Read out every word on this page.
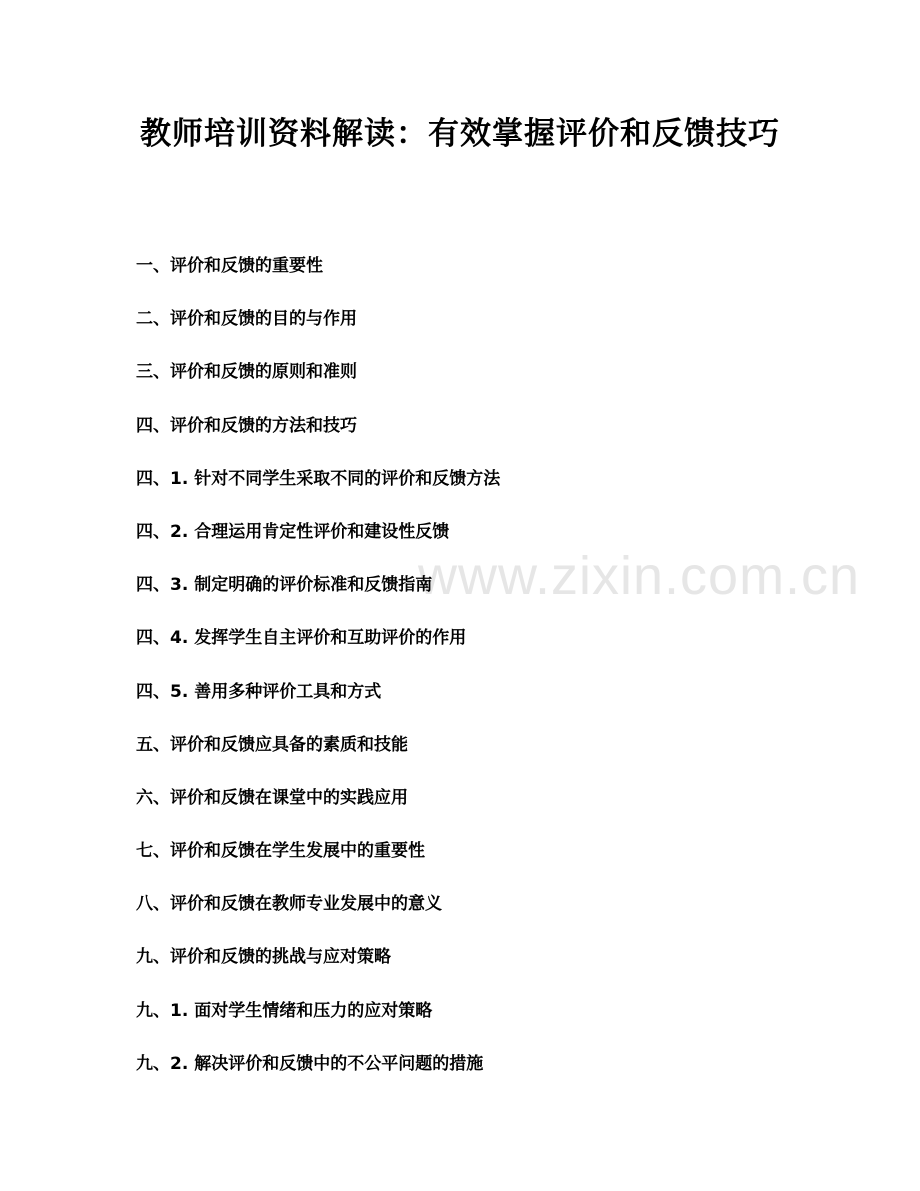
www.zixin.com.cn
教师培训资料解读：有效掌握评价和反馈技巧
一、评价和反馈的重要性
二、评价和反馈的目的与作用
三、评价和反馈的原则和准则
四、评价和反馈的方法和技巧
四、1. 针对不同学生采取不同的评价和反馈方法
四、2. 合理运用肯定性评价和建设性反馈
四、3. 制定明确的评价标准和反馈指南
四、4. 发挥学生自主评价和互助评价的作用
四、5. 善用多种评价工具和方式
五、评价和反馈应具备的素质和技能
六、评价和反馈在课堂中的实践应用
七、评价和反馈在学生发展中的重要性
八、评价和反馈在教师专业发展中的意义
九、评价和反馈的挑战与应对策略
九、1. 面对学生情绪和压力的应对策略
九、2. 解决评价和反馈中的不公平问题的措施
